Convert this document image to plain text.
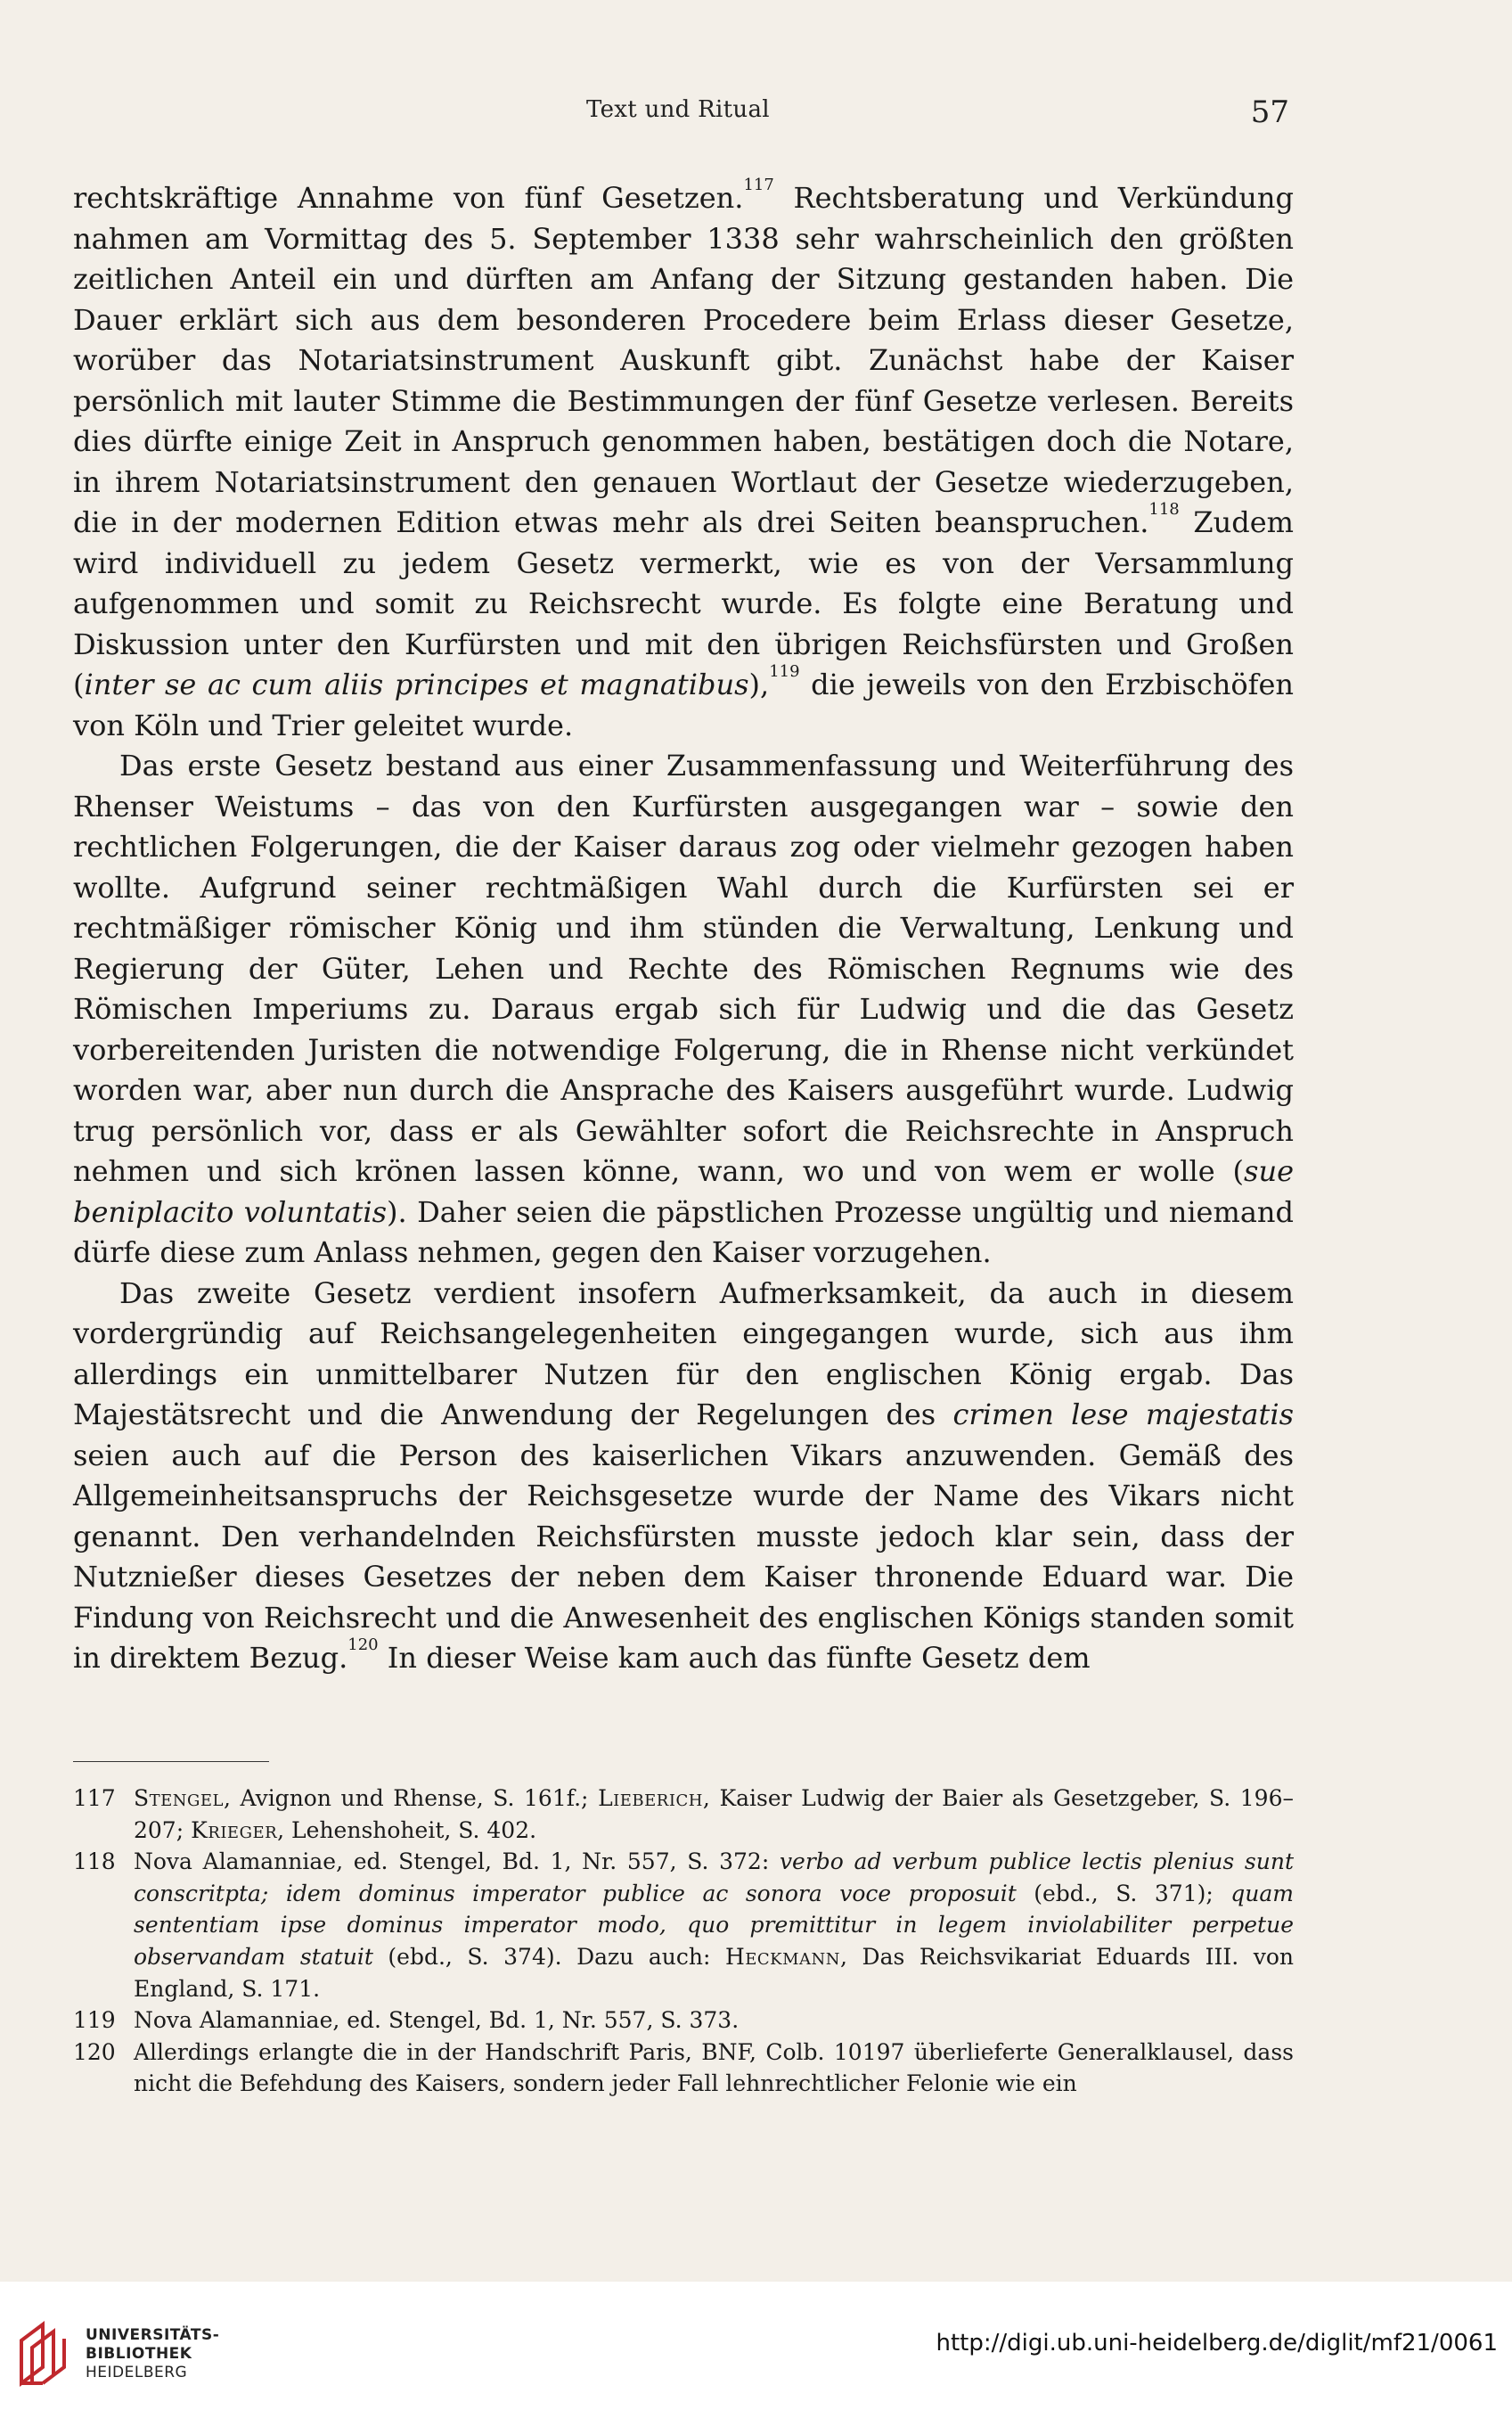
Text und Ritual	57

rechtskräftige Annahme von fünf Gesetzen.$^{117}$ Rechtsberatung und Verkündung nahmen am Vormittag des 5. September 1338 sehr wahrscheinlich den größten zeitlichen Anteil ein und dürften am Anfang der Sitzung gestanden haben. Die Dauer erklärt sich aus dem besonderen Procedere beim Erlass dieser Gesetze, worüber das Notariatsinstrument Auskunft gibt. Zunächst habe der Kaiser persönlich mit lauter Stimme die Bestimmungen der fünf Gesetze verlesen. Bereits dies dürfte einige Zeit in Anspruch genommen haben, bestätigen doch die Notare, in ihrem Notariatsinstrument den genauen Wortlaut der Gesetze wiederzugeben, die in der modernen Edition etwas mehr als drei Seiten beanspruchen.$^{118}$ Zudem wird individuell zu jedem Gesetz vermerkt, wie es von der Versammlung aufgenommen und somit zu Reichsrecht wurde. Es folgte eine Beratung und Diskussion unter den Kurfürsten und mit den übrigen Reichsfürsten und Großen (inter se ac cum aliis principes et magnatibus),$^{119}$ die jeweils von den Erzbischöfen von Köln und Trier geleitet wurde.

Das erste Gesetz bestand aus einer Zusammenfassung und Weiterführung des Rhenser Weistums – das von den Kurfürsten ausgegangen war – sowie den rechtlichen Folgerungen, die der Kaiser daraus zog oder vielmehr gezogen haben wollte. Aufgrund seiner rechtmäßigen Wahl durch die Kurfürsten sei er rechtmäßiger römischer König und ihm stünden die Verwaltung, Lenkung und Regierung der Güter, Lehen und Rechte des Römischen Regnums wie des Römischen Imperiums zu. Daraus ergab sich für Ludwig und die das Gesetz vorbereitenden Juristen die notwendige Folgerung, die in Rhense nicht verkündet worden war, aber nun durch die Ansprache des Kaisers ausgeführt wurde. Ludwig trug persönlich vor, dass er als Gewählter sofort die Reichsrechte in Anspruch nehmen und sich krönen lassen könne, wann, wo und von wem er wolle (sue beniplacito voluntatis). Daher seien die päpstlichen Prozesse ungültig und niemand dürfe diese zum Anlass nehmen, gegen den Kaiser vorzugehen.

Das zweite Gesetz verdient insofern Aufmerksamkeit, da auch in diesem vordergründig auf Reichsangelegenheiten eingegangen wurde, sich aus ihm allerdings ein unmittelbarer Nutzen für den englischen König ergab. Das Majestätsrecht und die Anwendung der Regelungen des crimen lese majestatis seien auch auf die Person des kaiserlichen Vikars anzuwenden. Gemäß des Allgemeinheitsanspruchs der Reichsgesetze wurde der Name des Vikars nicht genannt. Den verhandelnden Reichsfürsten musste jedoch klar sein, dass der Nutznießer dieses Gesetzes der neben dem Kaiser thronende Eduard war. Die Findung von Reichsrecht und die Anwesenheit des englischen Königs standen somit in direktem Bezug.$^{120}$ In dieser Weise kam auch das fünfte Gesetz dem

117 Stengel, Avignon und Rhense, S. 161f.; Lieberich, Kaiser Ludwig der Baier als Gesetzgeber, S. 196–207; Krieger, Lehenshoheit, S. 402.
118 Nova Alamanniae, ed. Stengel, Bd. 1, Nr. 557, S. 372: verbo ad verbum publice lectis plenius sunt conscritpta; idem dominus imperator publice ac sonora voce proposuit (ebd., S. 371); quam sententiam ipse dominus imperator modo, quo premittitur in legem inviolabiliter perpetue observandam statuit (ebd., S. 374). Dazu auch: Heckmann, Das Reichsvikariat Eduards III. von England, S. 171.
119 Nova Alamanniae, ed. Stengel, Bd. 1, Nr. 557, S. 373.
120 Allerdings erlangte die in der Handschrift Paris, BNF, Colb. 10197 überlieferte Generalklausel, dass nicht die Befehdung des Kaisers, sondern jeder Fall lehnrechtlicher Felonie wie ein
UNIVERSITÄTS-
BIBLIOTHEK
HEIDELBERG
http://digi.ub.uni-heidelberg.de/diglit/mf21/0061
